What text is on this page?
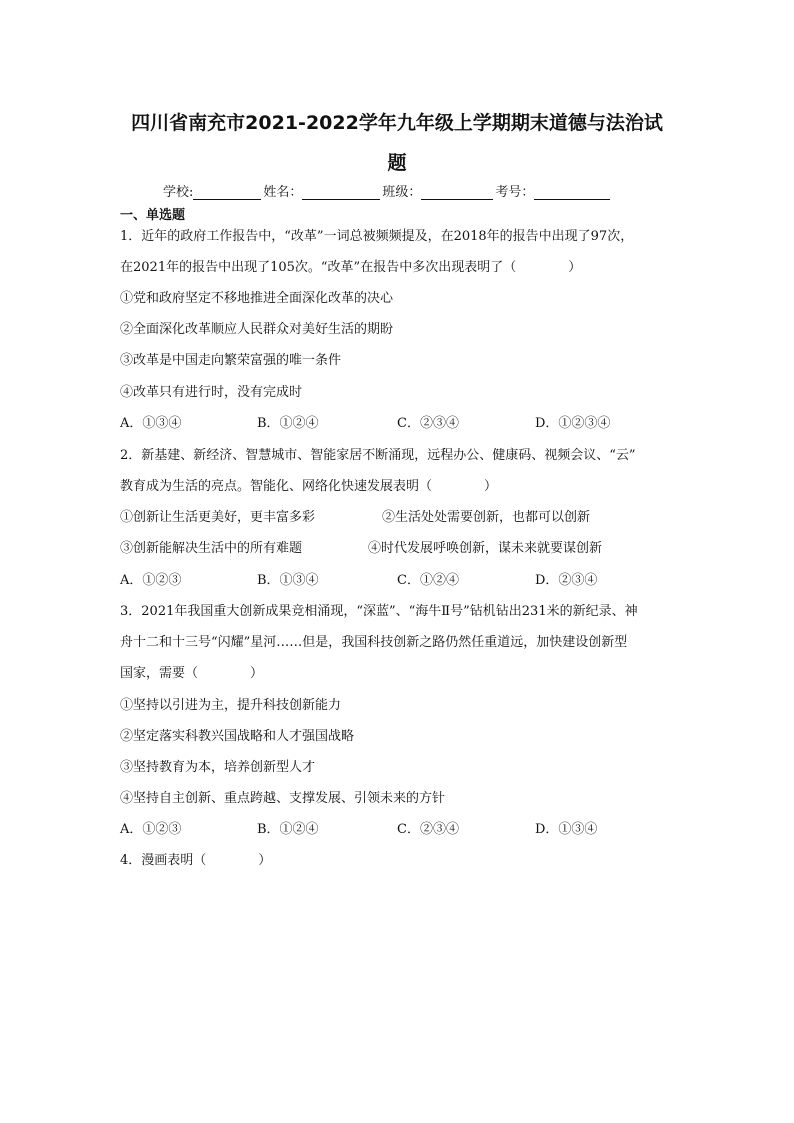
四川省南充市2021-2022学年九年级上学期期末道德与法治试
题
学校:	姓名：	班级：	考号：
一、单选题
1．近年的政府工作报告中，“改革”一词总被频频提及，在2018年的报告中出现了97次，
在2021年的报告中出现了105次。“改革”在报告中多次出现表明了（	）
①党和政府坚定不移地推进全面深化改革的决心
②全面深化改革顺应人民群众对美好生活的期盼
③改革是中国走向繁荣富强的唯一条件
④改革只有进行时，没有完成时
A．①③④	B．①②④	C．②③④	D．①②③④
2．新基建、新经济、智慧城市、智能家居不断涌现，远程办公、健康码、视频会议、“云”
教育成为生活的亮点。智能化、网络化快速发展表明（	）
①创新让生活更美好，更丰富多彩	②生活处处需要创新，也都可以创新
③创新能解决生活中的所有难题	④时代发展呼唤创新，谋未来就要谋创新
A．①②③	B．①③④	C．①②④	D．②③④
3．2021年我国重大创新成果竞相涌现，“深蓝”、“海牛Ⅱ号”钻机钻出231米的新纪录、神
舟十二和十三号“闪耀”星河……但是，我国科技创新之路仍然任重道远，加快建设创新型
国家，需要（	）
①坚持以引进为主，提升科技创新能力
②坚定落实科教兴国战略和人才强国战略
③坚持教育为本，培养创新型人才
④坚持自主创新、重点跨越、支撑发展、引领未来的方针
A．①②③	B．①②④	C．②③④	D．①③④
4．漫画表明（	）
